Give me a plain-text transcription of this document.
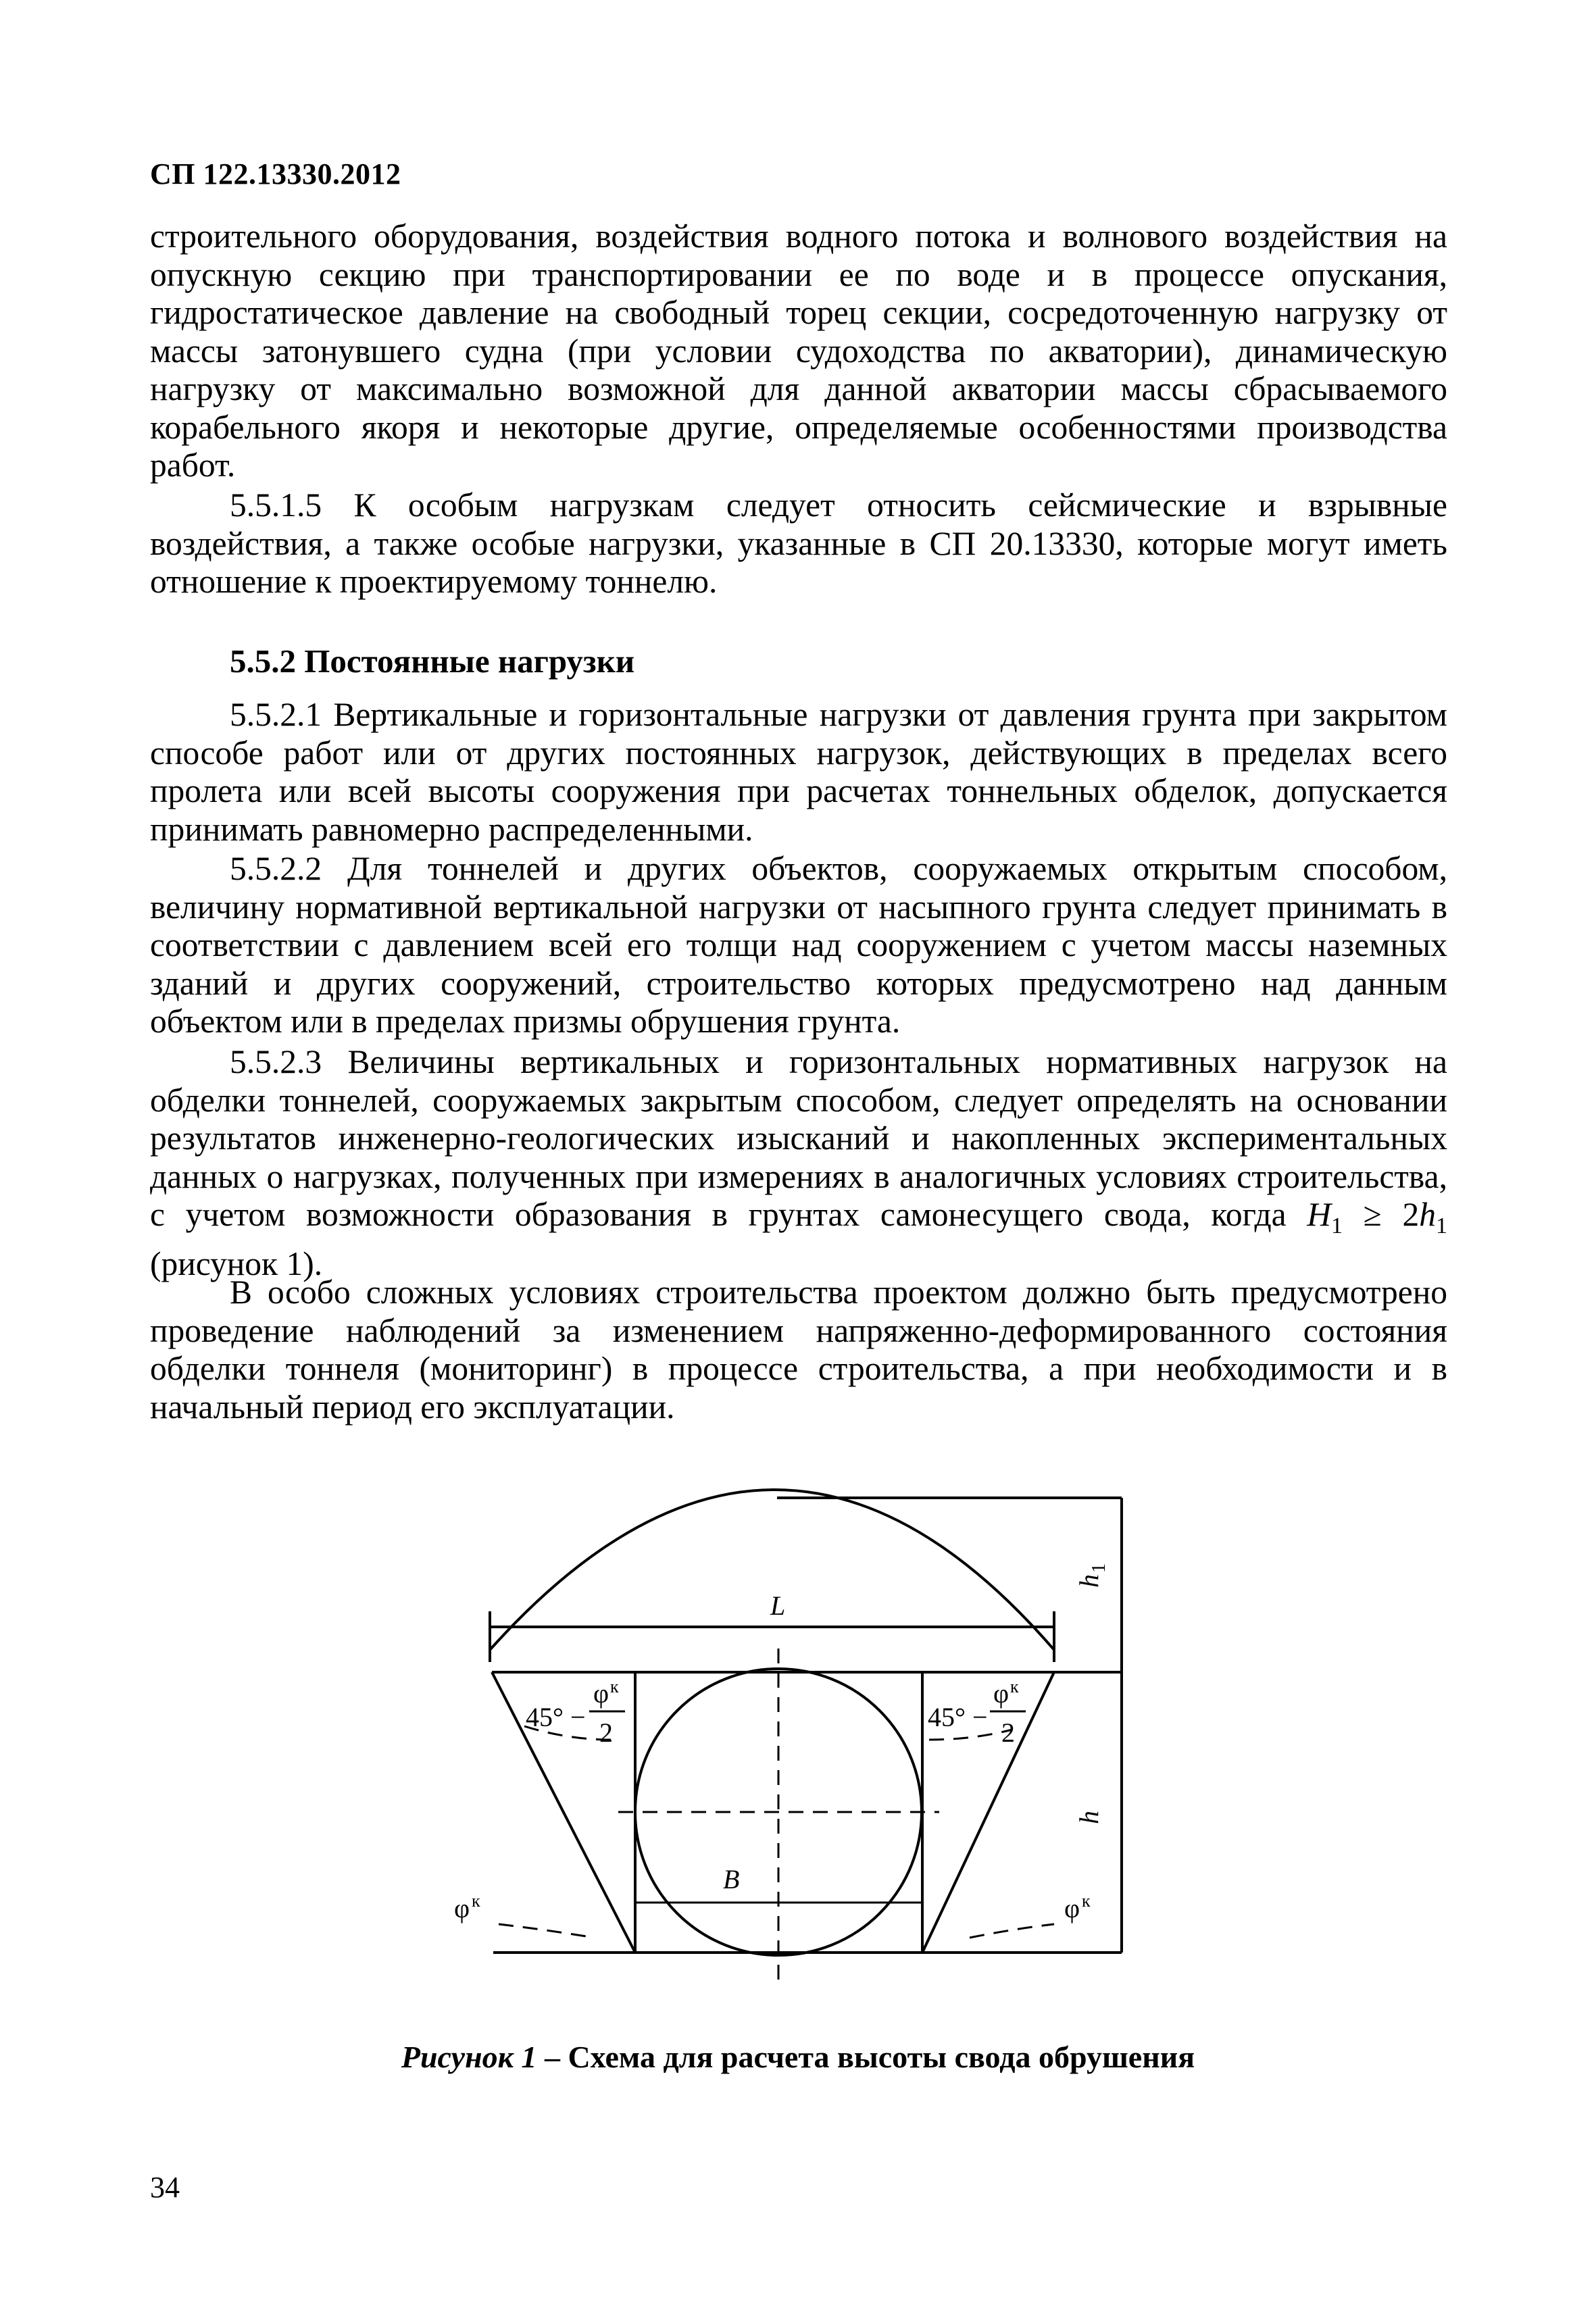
СП 122.13330.2012
строительного оборудования, воздействия водного потока и волнового воздействия на опускную секцию при транспортировании ее по воде и в процессе опускания, гидростатическое давление на свободный торец секции, сосредоточенную нагрузку от массы затонувшего судна (при условии судоходства по акватории), динамическую нагрузку от максимально возможной для данной акватории массы сбрасываемого корабельного якоря и некоторые другие, определяемые особенностями производства работ.
5.5.1.5 К особым нагрузкам следует относить сейсмические и взрывные воздействия, а также особые нагрузки, указанные в СП 20.13330, которые могут иметь отношение к проектируемому тоннелю.
5.5.2 Постоянные нагрузки
5.5.2.1 Вертикальные и горизонтальные нагрузки от давления грунта при закрытом способе работ или от других постоянных нагрузок, действующих в пределах всего пролета или всей высоты сооружения при расчетах тоннельных обделок, допускается принимать равномерно распределенными.
5.5.2.2 Для тоннелей и других объектов, сооружаемых открытым способом, величину нормативной вертикальной нагрузки от насыпного грунта следует принимать в соответствии с давлением всей его толщи над сооружением с учетом массы наземных зданий и других сооружений, строительство которых предусмотрено над данным объектом или в пределах призмы обрушения грунта.
5.5.2.3 Величины вертикальных и горизонтальных нормативных нагрузок на обделки тоннелей, сооружаемых закрытым способом, следует определять на основании результатов инженерно-геологических изысканий и накопленных экспериментальных данных о нагрузках, полученных при измерениях в аналогичных условиях строительства, с учетом возможности образования в грунтах самонесущего свода, когда $H_1 \ge 2h_1$ (рисунок 1).
В особо сложных условиях строительства проектом должно быть предусмотрено проведение наблюдений за изменением напряженно-деформированного состояния обделки тоннеля (мониторинг) в процессе строительства, а при необходимости и в начальный период его эксплуатации.
L
B
h
1
h
45° −
φ к
2
45° −
φ к
2
φ к	φ к
Рисунок 1 – Схема для расчета высоты свода обрушения
34
